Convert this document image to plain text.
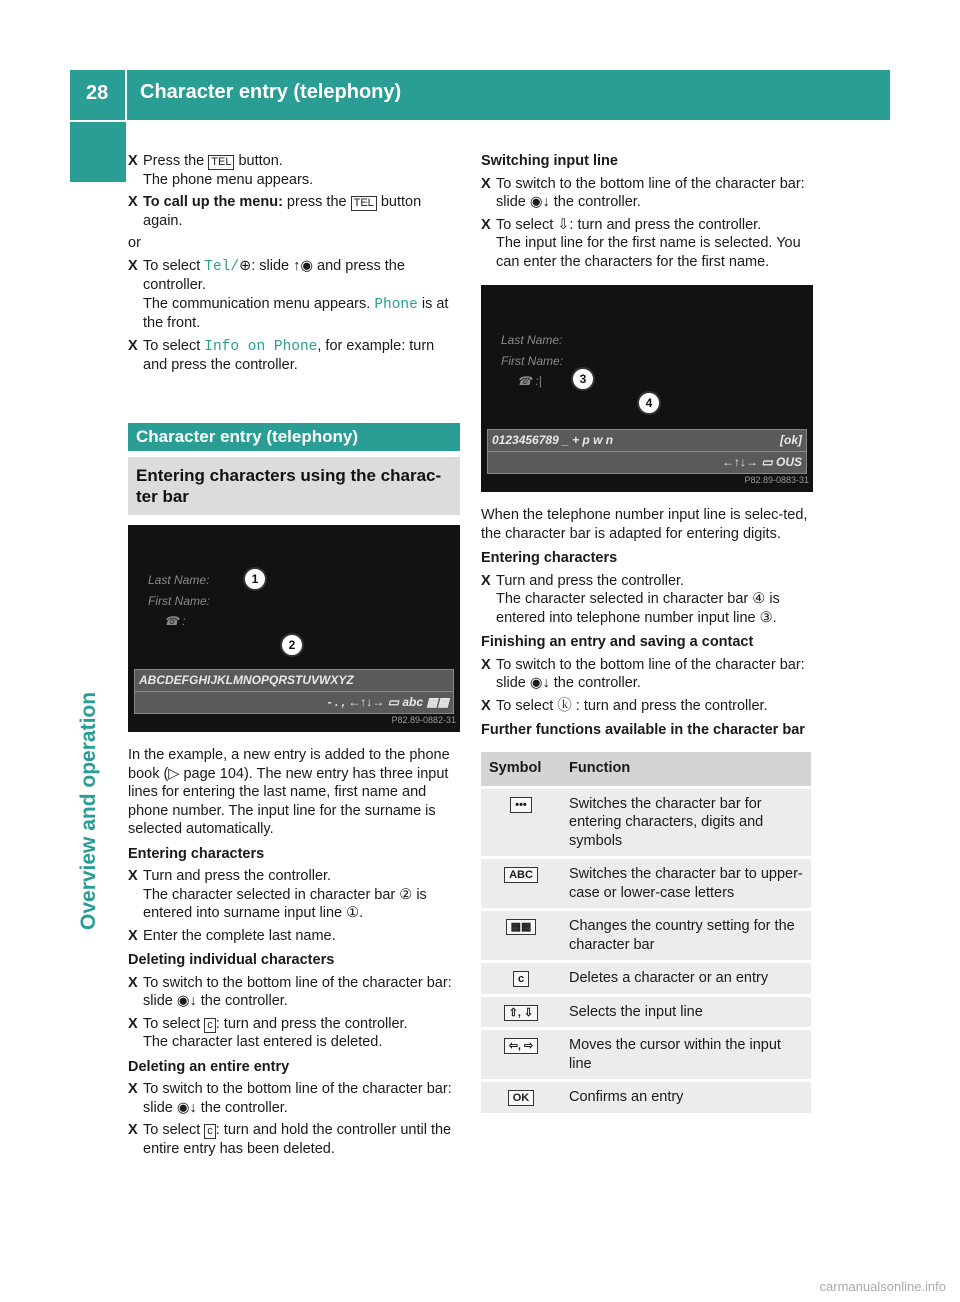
28 Character entry (telephony)
Overview and operation
X Press the TEL button.
The phone menu appears.
X To call up the menu: press the TEL button again.
or
X To select Tel/⊕: slide ↑◉ and press the controller.
The communication menu appears. Phone is at the front.
X To select Info on Phone, for example: turn and press the controller.
Character entry (telephony)
Entering characters using the charac-ter bar
Last Name:
First Name:
☎ :
1
2
ABCDEFGHIJKLMNOPQRSTUVWXYZ
- . , ←↑↓→ ▭ abc ▩▩
P82.89-0882-31

In the example, a new entry is added to the phone book (▷ page 104). The new entry has three input lines for entering the last name, first name and phone number. The input line for the surname is selected automatically.

Entering characters
X Turn and press the controller.
The character selected in character bar ② is entered into surname input line ①.
X Enter the complete last name.
Deleting individual characters
X To switch to the bottom line of the character bar: slide ◉↓ the controller.
X To select c : turn and press the controller.
The character last entered is deleted.
Deleting an entire entry
X To switch to the bottom line of the character bar: slide ◉↓ the controller.
X To select c : turn and hold the controller until the entire entry has been deleted.
Switching input line
X To switch to the bottom line of the character bar: slide ◉↓ the controller.
X To select ⇩: turn and press the controller.
The input line for the first name is selected. You can enter the characters for the first name.
Last Name:
First Name:
☎ :|	3
4
0123456789 _ + p w n	[ok]
←↑↓→ ▭ OUS
P82.89-0883-31

When the telephone number input line is selec-ted, the character bar is adapted for entering digits.

Entering characters
X Turn and press the controller.
The character selected in character bar ④ is entered into telephone number input line ③.
Finishing an entry and saving a contact
X To switch to the bottom line of the character bar: slide ◉↓ the controller.
X To select ⓚ : turn and press the controller.
Further functions available in the character bar
Symbol	Function
•••	Switches the character bar for entering characters, digits and symbols
ABC	Switches the character bar to upper-case or lower-case letters
▩▩	Changes the country setting for the character bar
c	Deletes a character or an entry
⇧, ⇩	Selects the input line
⇦, ⇨	Moves the cursor within the input line
OK	Confirms an entry
carmanualsonline.info
